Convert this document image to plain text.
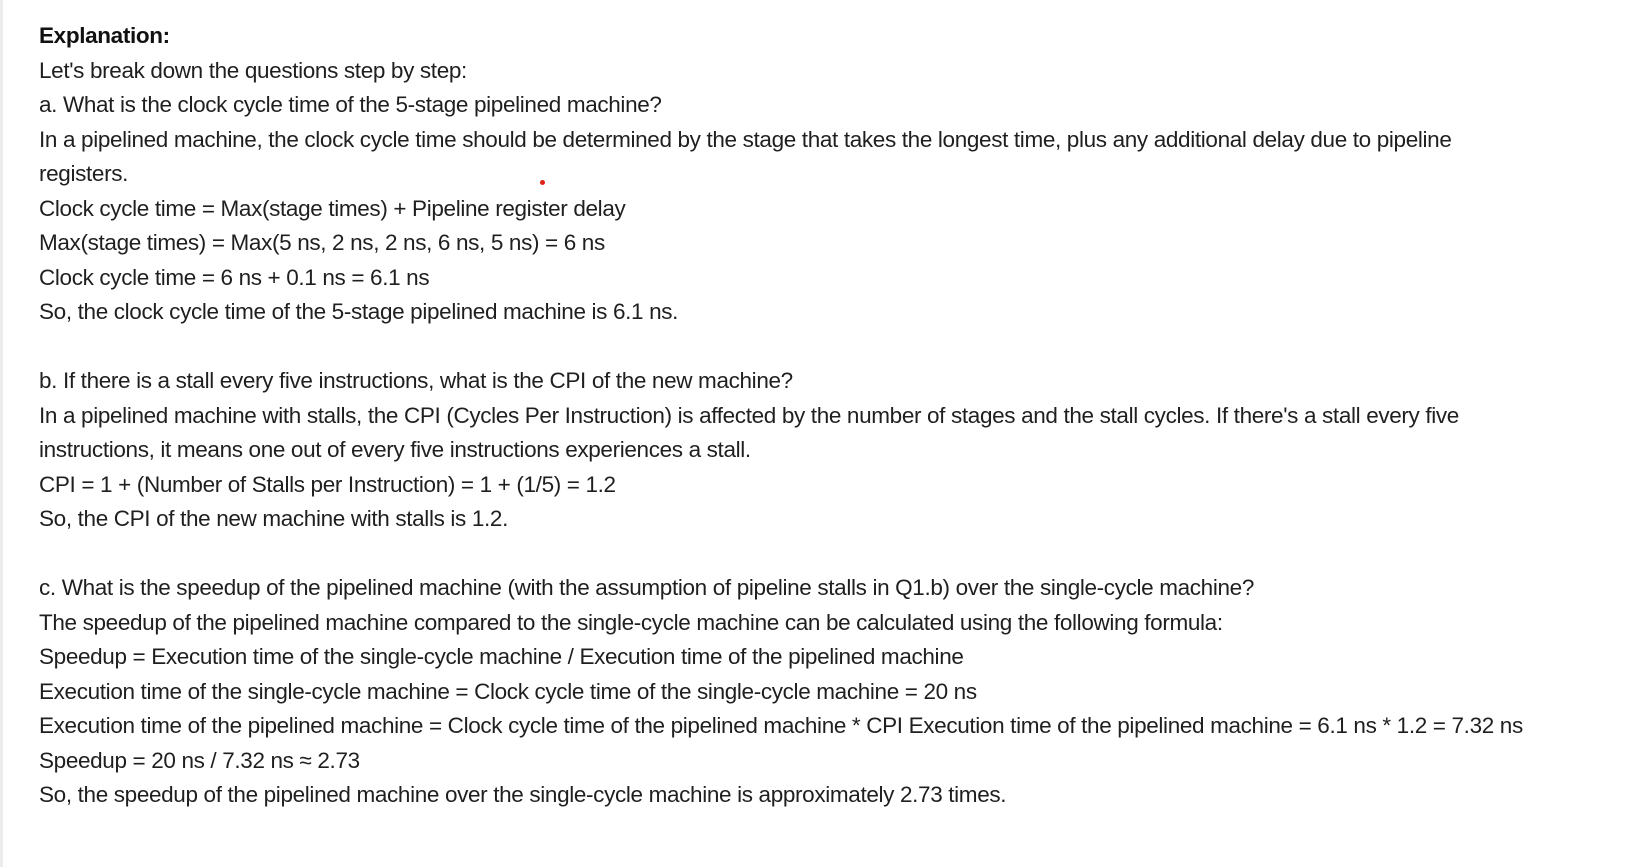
Explanation:

Let's break down the questions step by step:

a. What is the clock cycle time of the 5-stage pipelined machine?

In a pipelined machine, the clock cycle time should be determined by the stage that takes the longest time, plus any additional delay due to pipeline registers.

Clock cycle time = Max(stage times) + Pipeline register delay

Max(stage times) = Max(5 ns, 2 ns, 2 ns, 6 ns, 5 ns) = 6 ns

Clock cycle time = 6 ns + 0.1 ns = 6.1 ns

So, the clock cycle time of the 5-stage pipelined machine is 6.1 ns.

b. If there is a stall every five instructions, what is the CPI of the new machine?

In a pipelined machine with stalls, the CPI (Cycles Per Instruction) is affected by the number of stages and the stall cycles. If there's a stall every five instructions, it means one out of every five instructions experiences a stall.

CPI = 1 + (Number of Stalls per Instruction) = 1 + (1/5) = 1.2

So, the CPI of the new machine with stalls is 1.2.

c. What is the speedup of the pipelined machine (with the assumption of pipeline stalls in Q1.b) over the single-cycle machine?

The speedup of the pipelined machine compared to the single-cycle machine can be calculated using the following formula:

Speedup = Execution time of the single-cycle machine / Execution time of the pipelined machine

Execution time of the single-cycle machine = Clock cycle time of the single-cycle machine = 20 ns

Execution time of the pipelined machine = Clock cycle time of the pipelined machine * CPI Execution time of the pipelined machine = 6.1 ns * 1.2 = 7.32 ns

Speedup = 20 ns / 7.32 ns ≈ 2.73

So, the speedup of the pipelined machine over the single-cycle machine is approximately 2.73 times.
